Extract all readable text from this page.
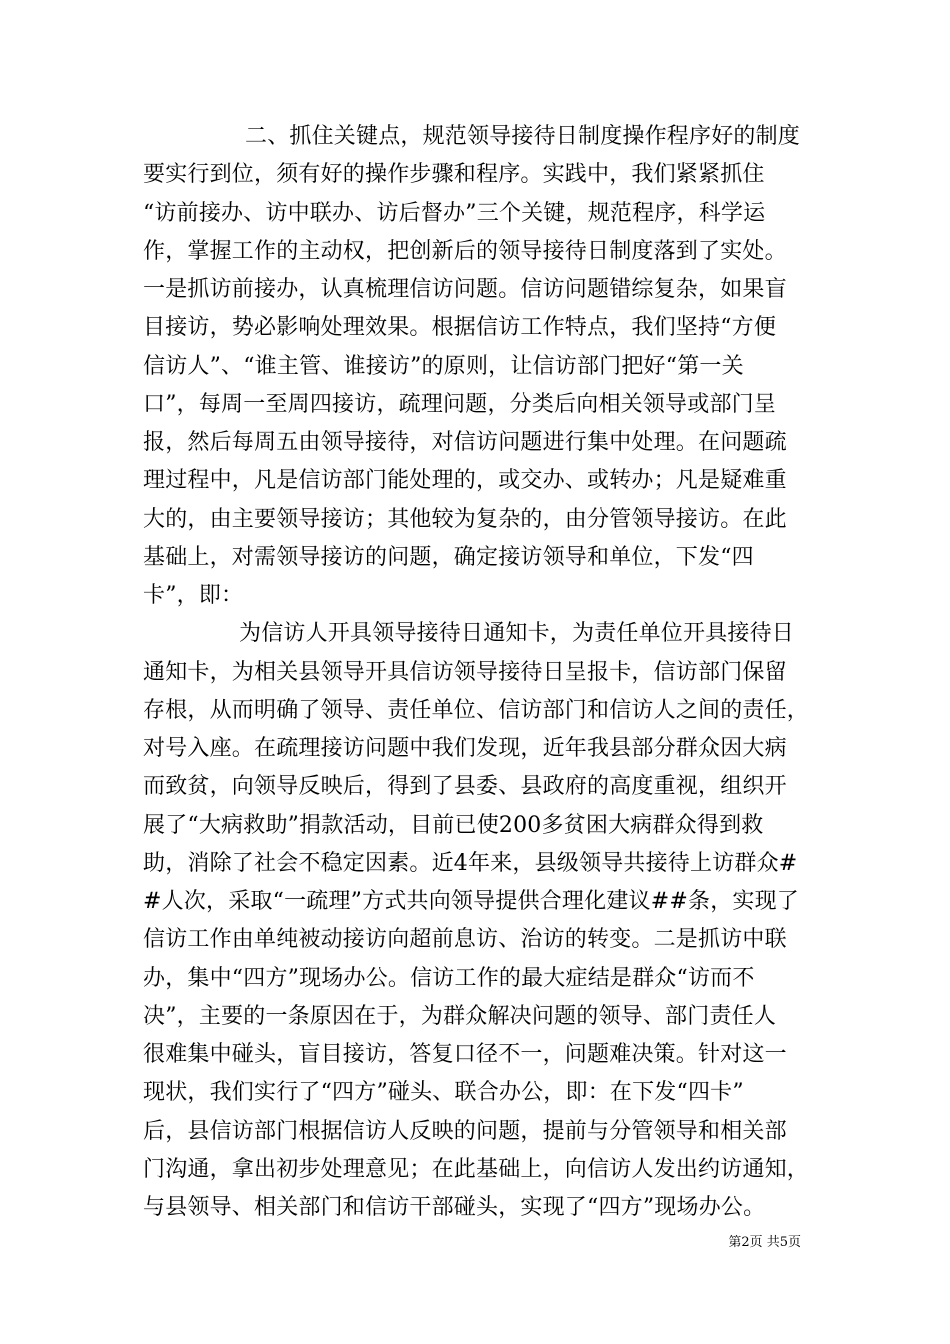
二、抓住关键点，规范领导接待日制度操作程序好的制度
要实行到位，须有好的操作步骤和程序。实践中，我们紧紧抓住
“访前接办、访中联办、访后督办”三个关键，规范程序，科学运
作，掌握工作的主动权，把创新后的领导接待日制度落到了实处。
一是抓访前接办，认真梳理信访问题。信访问题错综复杂，如果盲
目接访，势必影响处理效果。根据信访工作特点，我们坚持“方便
信访人”、“谁主管、谁接访”的原则，让信访部门把好“第一关
口”，每周一至周四接访，疏理问题，分类后向相关领导或部门呈
报，然后每周五由领导接待，对信访问题进行集中处理。在问题疏
理过程中，凡是信访部门能处理的，或交办、或转办；凡是疑难重
大的，由主要领导接访；其他较为复杂的，由分管领导接访。在此
基础上，对需领导接访的问题，确定接访领导和单位，下发“四
卡”，即：
为信访人开具领导接待日通知卡，为责任单位开具接待日
通知卡，为相关县领导开具信访领导接待日呈报卡，信访部门保留
存根，从而明确了领导、责任单位、信访部门和信访人之间的责任，
对号入座。在疏理接访问题中我们发现，近年我县部分群众因大病
而致贫，向领导反映后，得到了县委、县政府的高度重视，组织开
展了“大病救助”捐款活动，目前已使200多贫困大病群众得到救
助，消除了社会不稳定因素。近4年来，县级领导共接待上访群众#
#人次，采取“一疏理”方式共向领导提供合理化建议##条，实现了
信访工作由单纯被动接访向超前息访、治访的转变。二是抓访中联
办，集中“四方”现场办公。信访工作的最大症结是群众“访而不
决”，主要的一条原因在于，为群众解决问题的领导、部门责任人
很难集中碰头，盲目接访，答复口径不一，问题难决策。针对这一
现状，我们实行了“四方”碰头、联合办公，即：在下发“四卡”
后，县信访部门根据信访人反映的问题，提前与分管领导和相关部
门沟通，拿出初步处理意见；在此基础上，向信访人发出约访通知，
与县领导、相关部门和信访干部碰头，实现了“四方”现场办公。
第2页 共5页
